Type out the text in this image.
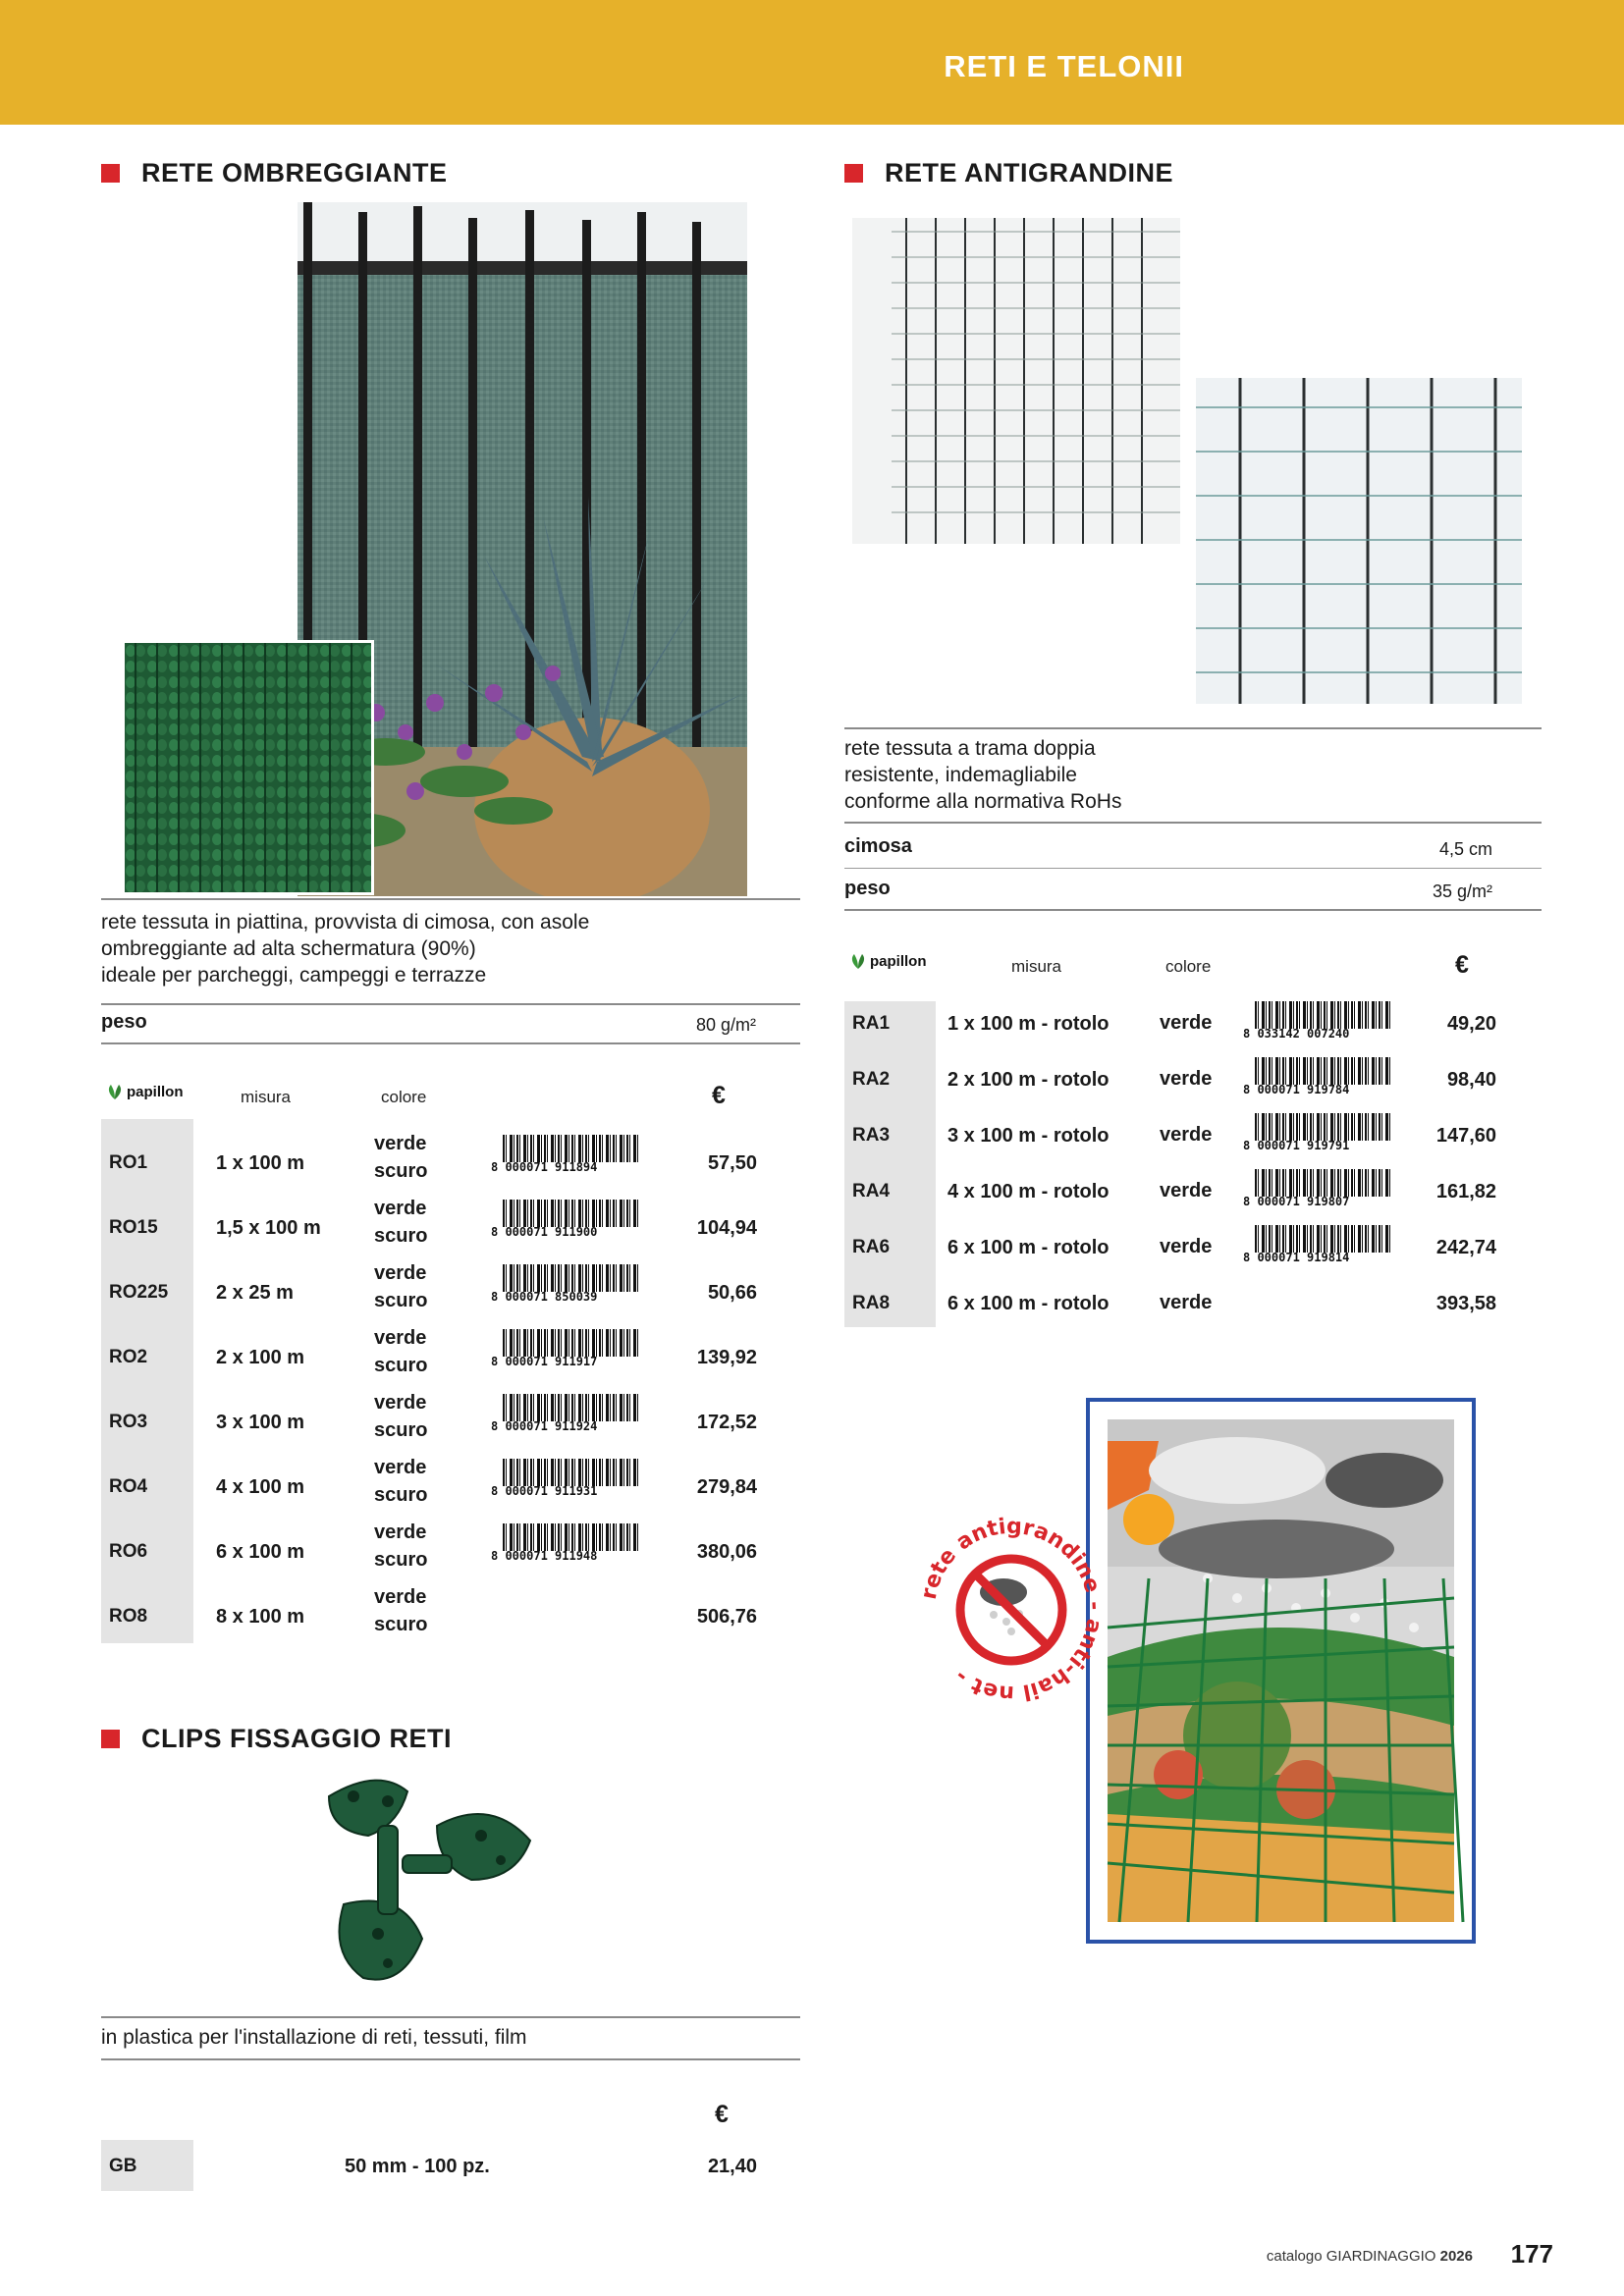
RETI E TELONII
RETE OMBREGGIANTE
rete tessuta in piattina, provvista di cimosa, con asole
ombreggiante ad alta schermatura (90%)
ideale per parcheggi, campeggi e terrazze
peso	80 g/m²
papillon	misura	colore	€
RO1	1 x 100 m
verde
scuro	8 000071 911894	57,50
RO15	1,5 x 100 m
verde
scuro	8 000071 911900	104,94
RO225 2 x 25 m
verde
scuro	8 000071 850039	50,66
RO2	2 x 100 m
verde
scuro	8 000071 911917	139,92
RO3	3 x 100 m
verde
scuro	8 000071 911924	172,52
RO4	4 x 100 m
verde
scuro	8 000071 911931	279,84
RO6	6 x 100 m
verde
scuro	8 000071 911948	380,06
RO8	8 x 100 m
verde
scuro	506,76
CLIPS FISSAGGIO RETI
in plastica per l'installazione di reti, tessuti, film
€
GB	50 mm - 100 pz.	21,40
RETE ANTIGRANDINE
rete tessuta a trama doppia
resistente, indemagliabile
conforme alla normativa RoHs
cimosa	4,5 cm
peso	35 g/m²
papillon	misura	colore	€
RA1	1 x 100 m - rotolo	verde	8 033142 007240	49,20
RA2	2 x 100 m - rotolo	verde	8 000071 919784	98,40
RA3	3 x 100 m - rotolo	verde	8 000071 919791	147,60
RA4	4 x 100 m - rotolo	verde	8 000071 919807	161,82
RA6	6 x 100 m - rotolo	verde	8 000071 919814	242,74
RA8	6 x 100 m - rotolo	verde	393,58
rete antigrandine - anti-hail net -
catalogo GIARDINAGGIO 2026 177
